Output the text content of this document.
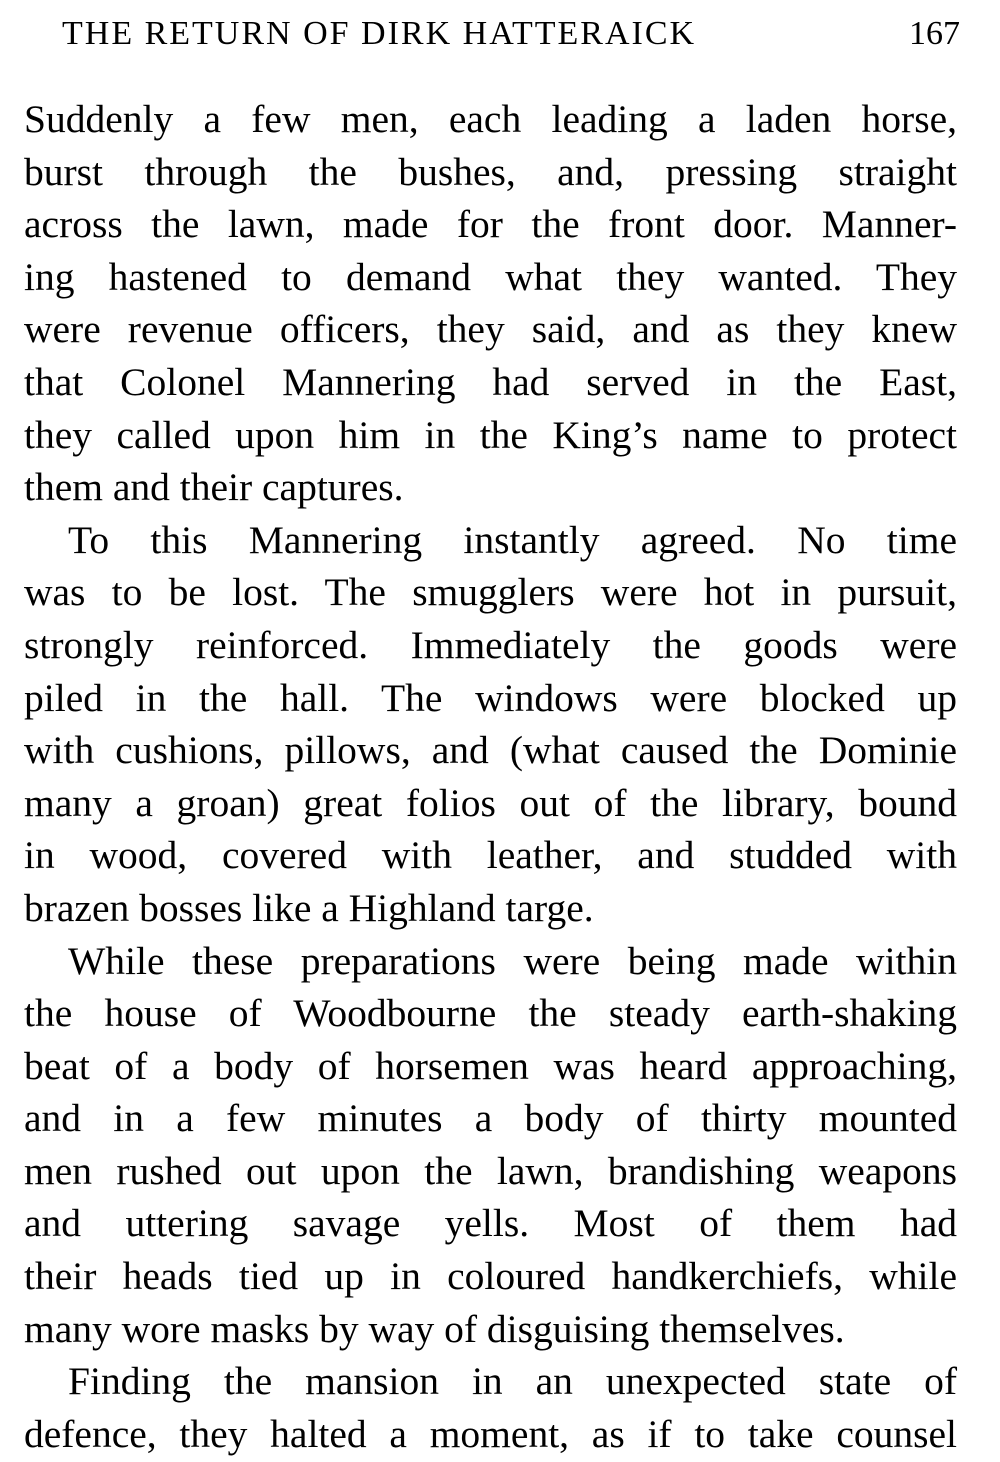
THE RETURN OF DIRK HATTERAICK	167
Suddenly a few men, each leading a laden horse,
burst through the bushes, and, pressing straight
across the lawn, made for the front door. Manner-
ing hastened to demand what they wanted. They
were revenue officers, they said, and as they knew
that Colonel Mannering had served in the East,
they called upon him in the King’s name to protect
them and their captures.
To this Mannering instantly agreed. No time
was to be lost. The smugglers were hot in pursuit,
strongly reinforced. Immediately the goods were
piled in the hall. The windows were blocked up
with cushions, pillows, and (what caused the Dominie
many a groan) great folios out of the library, bound
in wood, covered with leather, and studded with
brazen bosses like a Highland targe.
While these preparations were being made within
the house of Woodbourne the steady earth-shaking
beat of a body of horsemen was heard approaching,
and in a few minutes a body of thirty mounted
men rushed out upon the lawn, brandishing weapons
and uttering savage yells. Most of them had
their heads tied up in coloured handkerchiefs, while
many wore masks by way of disguising themselves.
Finding the mansion in an unexpected state of
defence, they halted a moment, as if to take counsel
